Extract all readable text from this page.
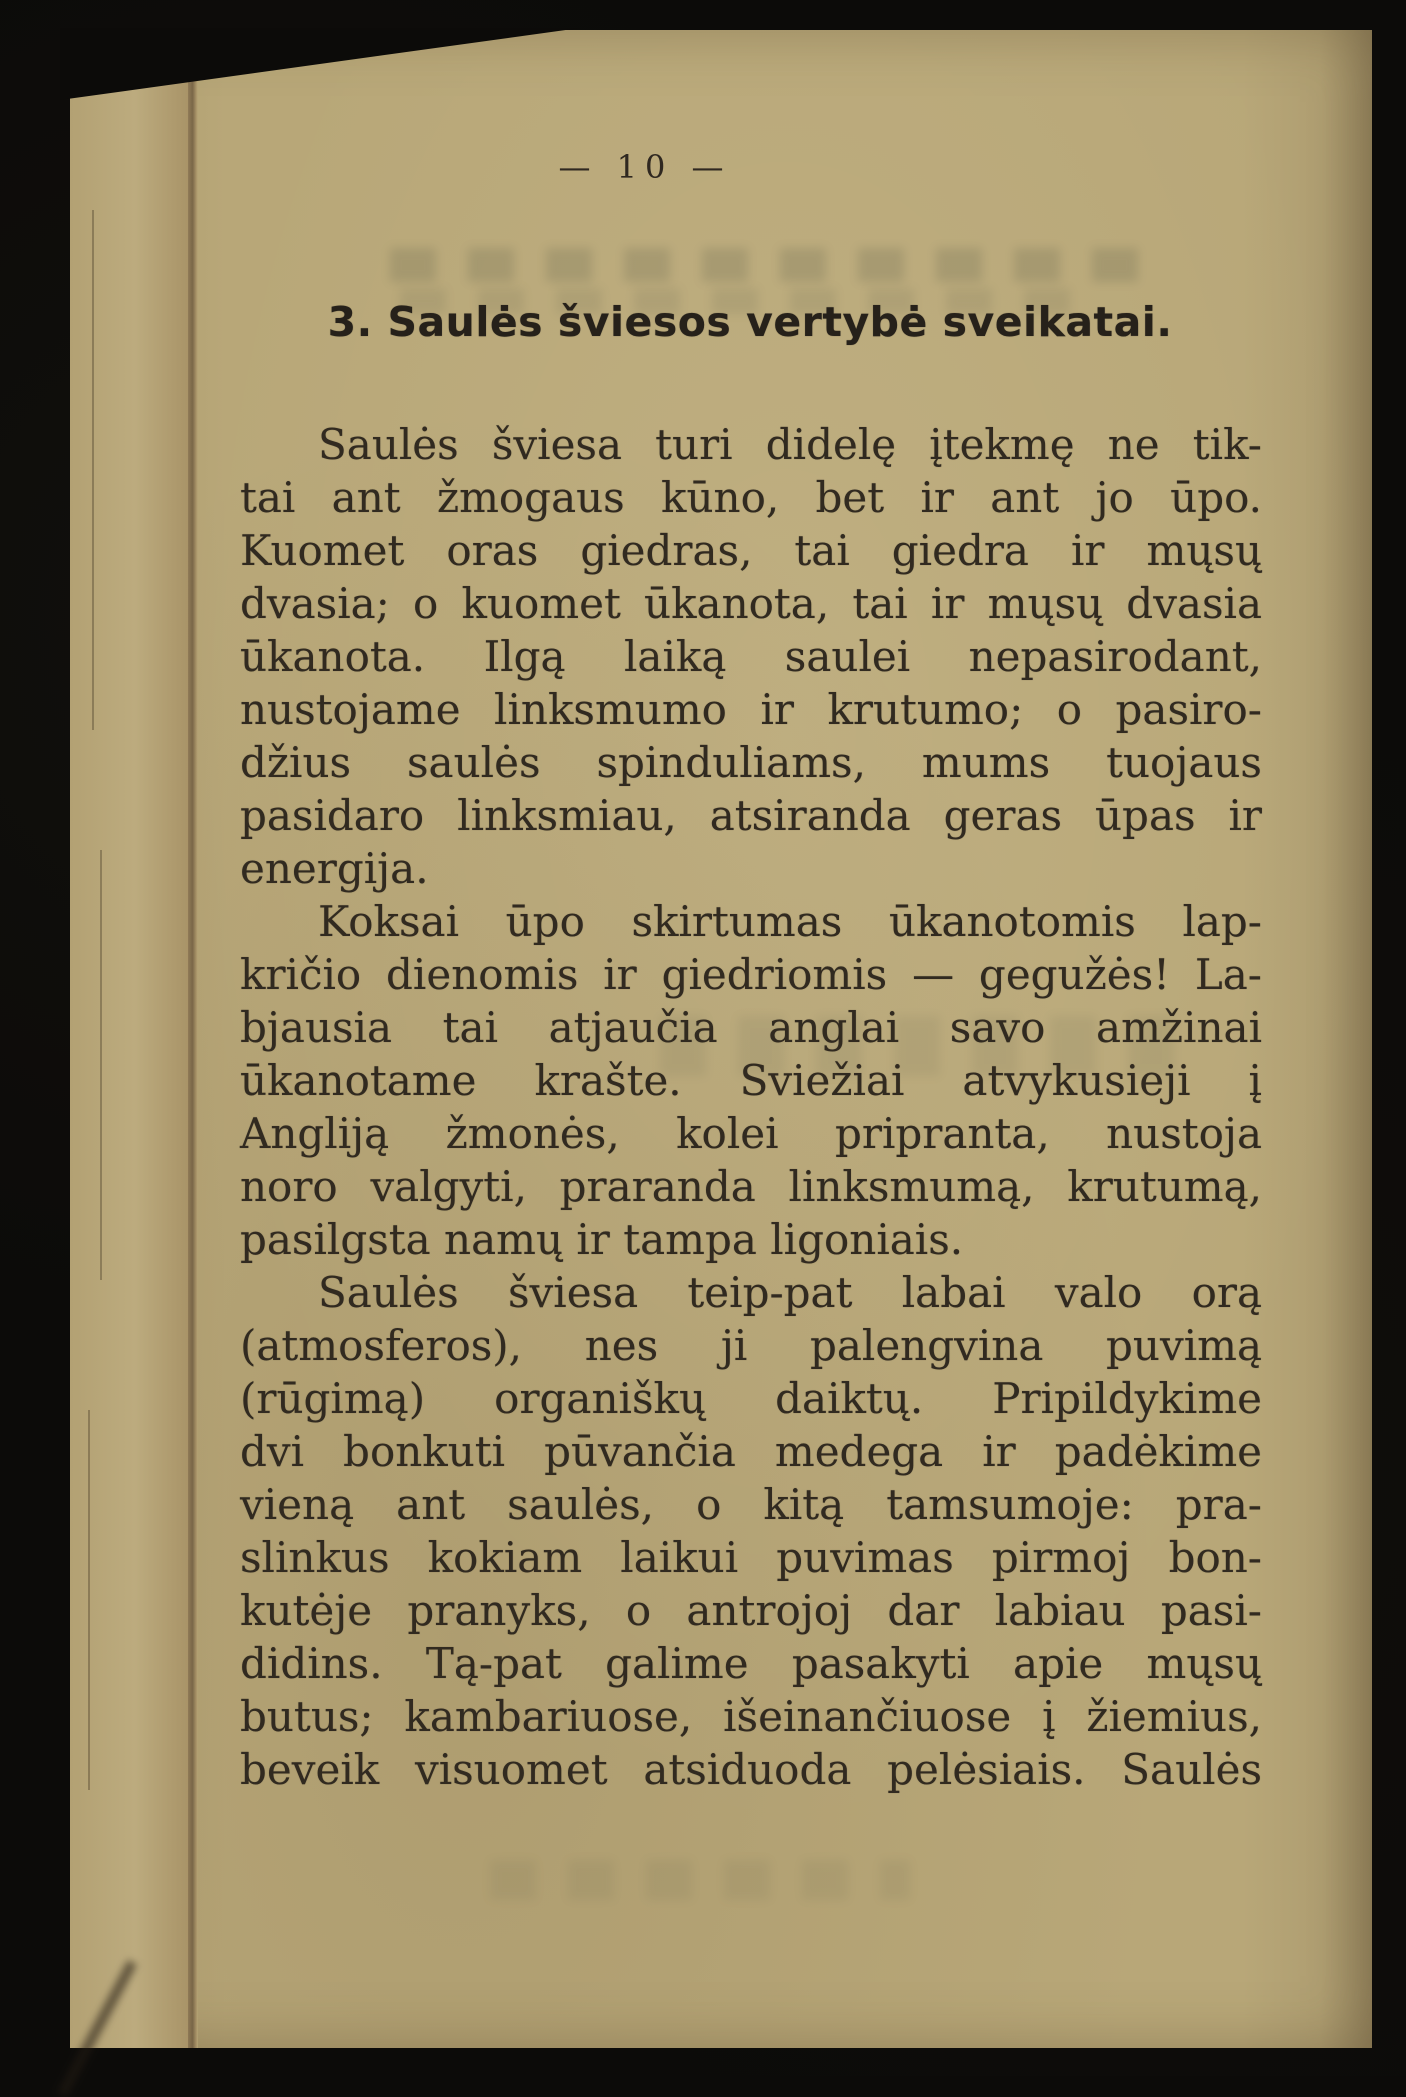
— 10 —
3. Saulės šviesos vertybė sveikatai.
Saulės šviesa turi didelę įtekmę ne tik-
tai ant žmogaus kūno, bet ir ant jo ūpo.
Kuomet oras giedras, tai giedra ir mųsų
dvasia; o kuomet ūkanota, tai ir mųsų dvasia
ūkanota. Ilgą laiką saulei nepasirodant,
nustojame linksmumo ir krutumo; o pasiro-
džius saulės spinduliams, mums tuojaus
pasidaro linksmiau, atsiranda geras ūpas ir
energija.
Koksai ūpo skirtumas ūkanotomis lap-
kričio dienomis ir giedriomis — gegužės! La-
bjausia tai atjaučia anglai savo amžinai
ūkanotame krašte. Sviežiai atvykusieji į
Angliją žmonės, kolei pripranta, nustoja
noro valgyti, praranda linksmumą, krutumą,
pasilgsta namų ir tampa ligoniais.
Saulės šviesa teip-pat labai valo orą
(atmosferos), nes ji palengvina puvimą
(rūgimą) organiškų daiktų. Pripildykime
dvi bonkuti pūvančia medega ir padėkime
vieną ant saulės, o kitą tamsumoje: pra-
slinkus kokiam laikui puvimas pirmoj bon-
kutėje pranyks, o antrojoj dar labiau pasi-
didins. Tą-pat galime pasakyti apie mųsų
butus; kambariuose, išeinančiuose į žiemius,
beveik visuomet atsiduoda pelėsiais. Saulės
